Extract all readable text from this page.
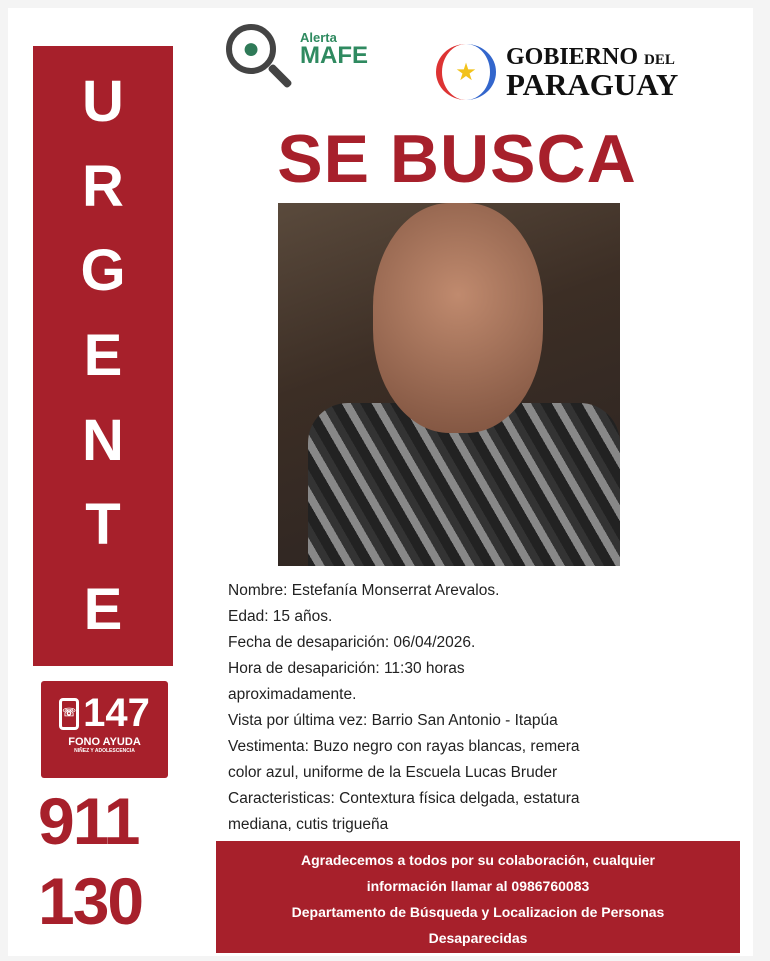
U
R
G
E
N
T
E
☏ 147
FONO AYUDA
NIÑEZ Y ADOLESCENCIA
911
130
●	Alerta
MAFE
★
GOBIERNO DEL
PARAGUAY
SE BUSCA
Nombre: Estefanía Monserrat Arevalos.
Edad: 15 años.
Fecha de desaparición: 06/04/2026.
Hora de desaparición: 11:30 horas
aproximadamente.
Vista por última vez: Barrio San Antonio - Itapúa
Vestimenta: Buzo negro con rayas blancas, remera
color azul, uniforme de la Escuela Lucas Bruder
Caracteristicas: Contextura física delgada, estatura
mediana, cutis trigueña
Agradecemos a todos por su colaboración, cualquier
información llamar al 0986760083
Departamento de Búsqueda y Localizacion de Personas
Desaparecidas
